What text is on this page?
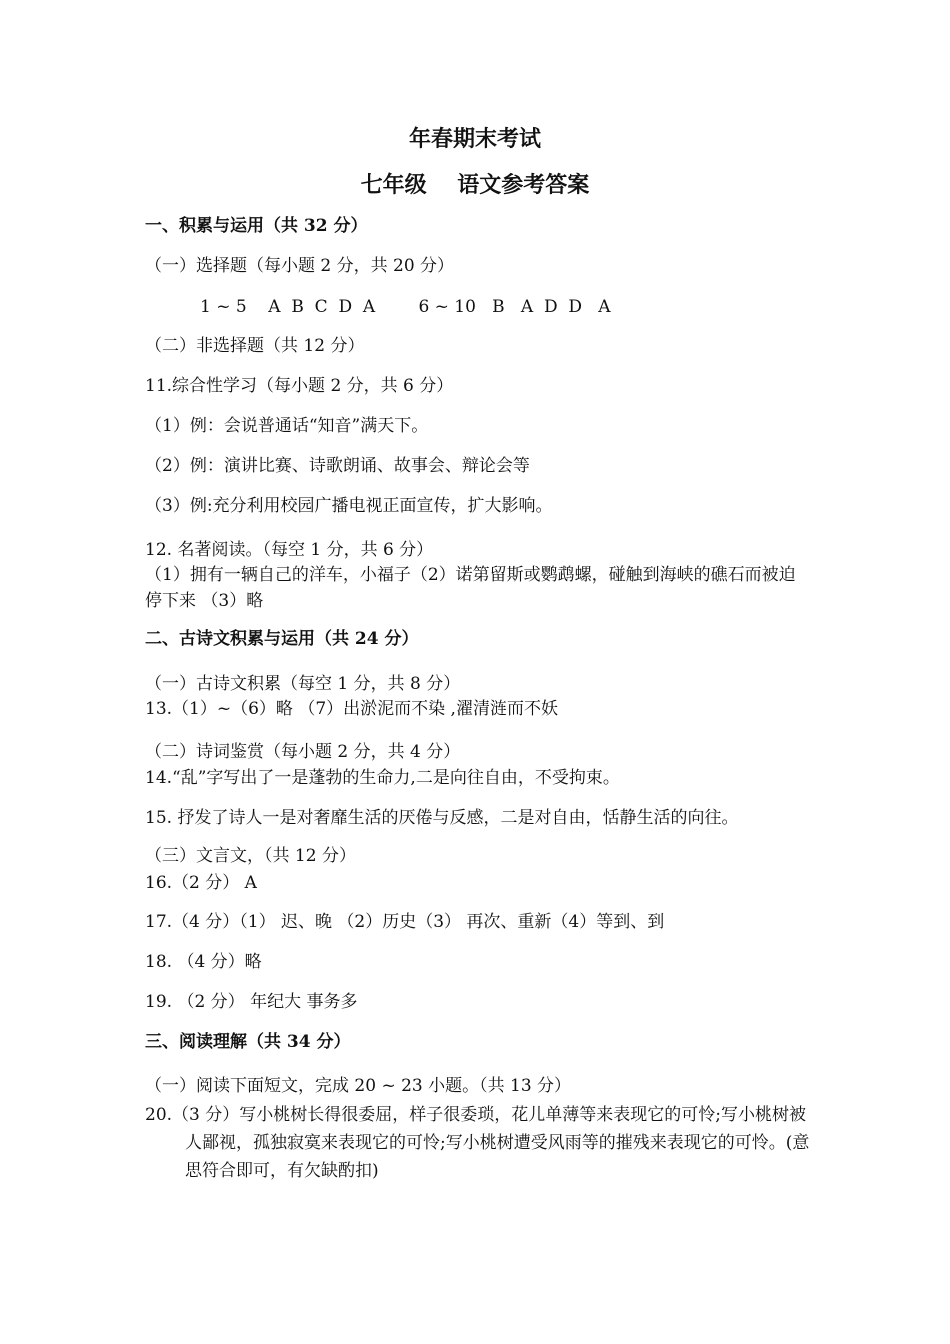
年春期末考试
七年级    语文参考答案
一、积累与运用（共 32 分）
（一）选择题（每小题 2 分，共 20 分）
1 ~ 5    A  B  C  D  A        6 ~ 10   B   A  D  D   A
（二）非选择题（共 12 分）
11.综合性学习（每小题 2 分，共 6 分）
（1）例：会说普通话“知音”满天下。
（2）例：演讲比赛、诗歌朗诵、故事会、辩论会等
（3）例:充分利用校园广播电视正面宣传，扩大影响。
12. 名著阅读。（每空 1 分，共 6 分）
（1）拥有一辆自己的洋车，小福子（2）诺第留斯或鹦鹉螺，碰触到海峡的礁石而被迫停下来 （3）略
二、古诗文积累与运用（共 24 分）
（一）古诗文积累（每空 1 分，共 8 分）
13.（1）~（6）略 （7）出淤泥而不染 ,濯清涟而不妖
（二）诗词鉴赏（每小题 2 分，共 4 分）
14.“乱”字写出了一是蓬勃的生命力,二是向往自由，不受拘束。
15. 抒发了诗人一是对奢靡生活的厌倦与反感，二是对自由，恬静生活的向往。
（三）文言文，（共 12 分）
16.（2 分） A
17.（4 分）（1） 迟、晚 （2）历史（3） 再次、重新（4）等到、到
18. （4 分）略
19. （2 分） 年纪大 事务多
三、阅读理解（共 34 分）
（一）阅读下面短文，完成 20 ~ 23 小题。（共 13 分）
20.（3 分）写小桃树长得很委屈，样子很委琐，花儿单薄等来表现它的可怜;写小桃树被人鄙视，孤独寂寞来表现它的可怜;写小桃树遭受风雨等的摧残来表现它的可怜。(意思符合即可，有欠缺酌扣)
